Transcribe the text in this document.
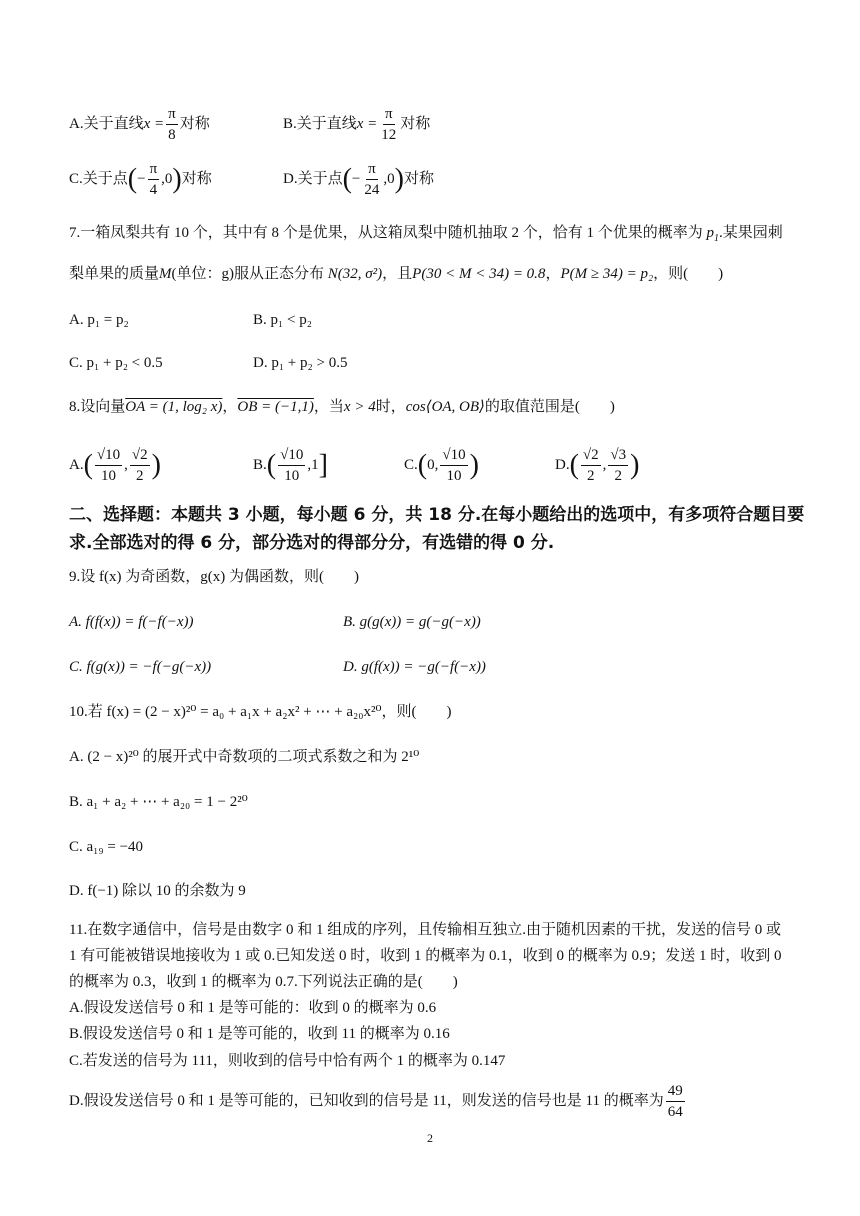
A.关于直线$x = \frac{\pi}{8}$ 对称	B.关于直线$x = \frac{\pi}{12}$ 对称
C.关于点(− $\frac{\pi}{4} ,0$)对称	D.关于点(− $\frac{\pi}{24} ,0$)对称
7.一箱凤梨共有 10 个，其中有 8 个是优果，从这箱凤梨中随机抽取 2 个，恰有 1 个优果的概率为 $p_1$.某果园刺
梨单果的质量M(单位：g)服从正态分布 N(32, σ²)，且P(30 < M < 34) = 0.8，P(M ≥ 34) = p₂，则(　　)
A. p₁ = p₂	B. p₁ < p₂
C. p₁ + p₂ < 0.5	D. p₁ + p₂ > 0.5
8.设向量OA = (1, log₂ x)，OB = (−1,1)，当x > 4时，cos⟨OA, OB⟩的取值范围是(　　)
$A.( \frac{√10}{10}$ , $\frac{√2}{2}$ )	$B.( \frac{√10}{10} ,1]$	C.(0, $\frac{√10}{10}$ )	$D.( \frac{√2}{2}$ , $\frac{√3}{2}$ )
二、选择题：本题共 3 小题，每小题 6 分，共 18 分.在每小题给出的选项中，有多项符合题目要
求.全部选对的得 6 分，部分选对的得部分分，有选错的得 0 分.
9.设 f(x) 为奇函数，g(x) 为偶函数，则(　　)
A. f(f(x)) = f(−f(−x))	B. g(g(x)) = g(−g(−x))
C. f(g(x)) = −f(−g(−x))	D. g(f(x)) = −g(−f(−x))
10.若 f(x) = (2 − x)²⁰ = a₀ + a₁x + a₂x² + ⋯ + a₂₀x²⁰，则(　　)
A. (2 − x)²⁰ 的展开式中奇数项的二项式系数之和为 2¹⁰
B. a₁ + a₂ + ⋯ + a₂₀ = 1 − 2²⁰
C. a₁₉ = −40
D. f(−1) 除以 10 的余数为 9
11.在数字通信中，信号是由数字 0 和 1 组成的序列，且传输相互独立.由于随机因素的干扰，发送的信号 0 或
1 有可能被错误地接收为 1 或 0.已知发送 0 时，收到 1 的概率为 0.1，收到 0 的概率为 0.9；发送 1 时，收到 0
的概率为 0.3，收到 1 的概率为 0.7.下列说法正确的是(　　)
A.假设发送信号 0 和 1 是等可能的：收到 0 的概率为 0.6
B.假设发送信号 0 和 1 是等可能的，收到 11 的概率为 0.16
C.若发送的信号为 111，则收到的信号中恰有两个 1 的概率为 0.147
D.假设发送信号 0 和 1 是等可能的，已知收到的信号是 11，则发送的信号也是 11 的概率为 $\frac{49}{64}$
2
